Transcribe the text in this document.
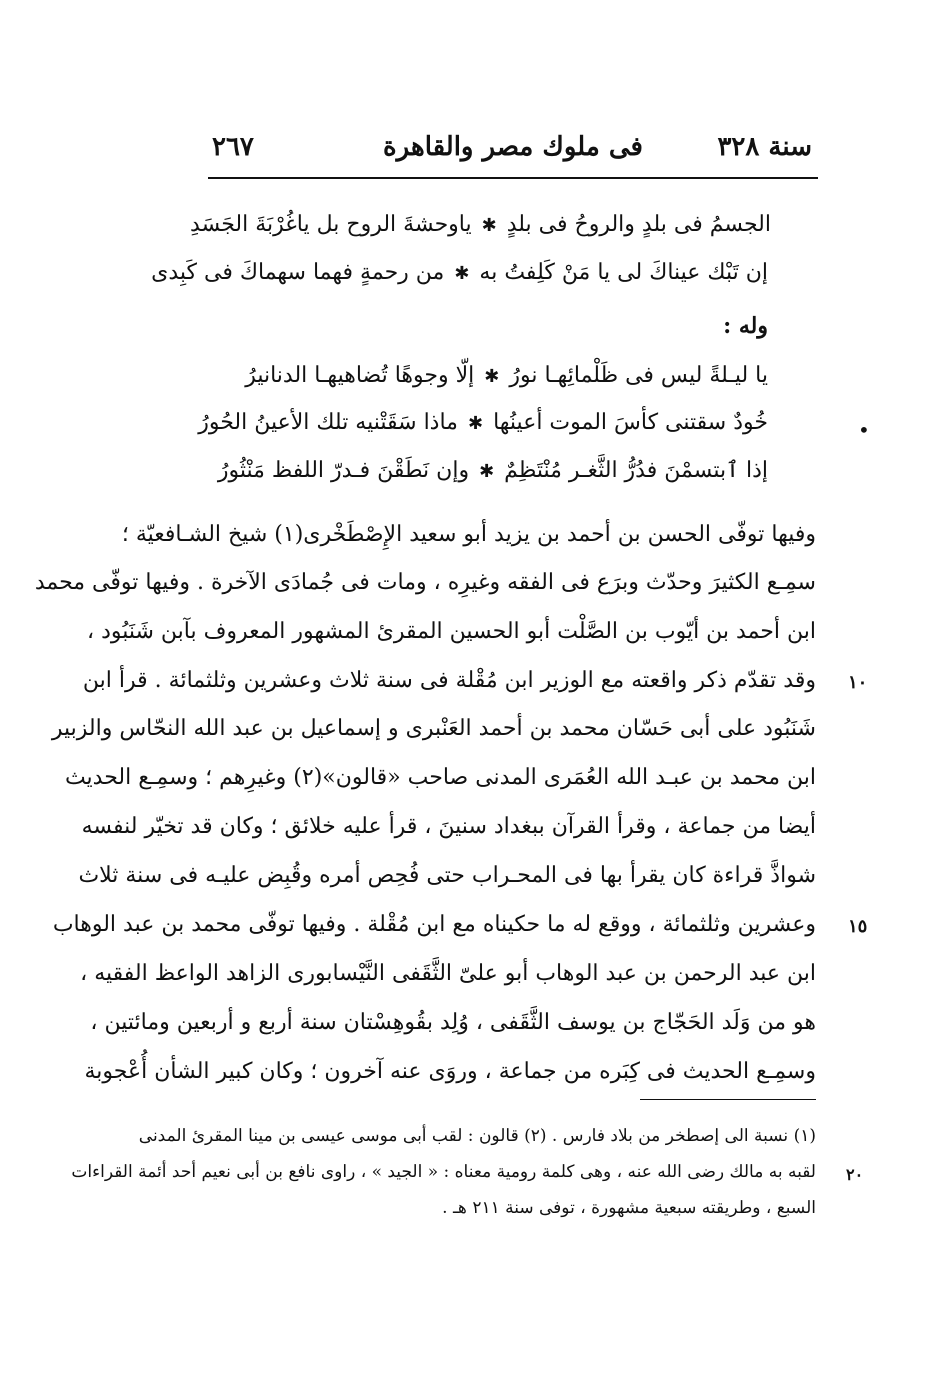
سنة ٣٢٨
فى ملوك مصر والقاهرة
٢٦٧
الجسمُ فى بلدٍ والروحُ فى بلدٍ
✱
ياوحشةَ الروح بل ياغُرْبَةَ الجَسَدِ
إن تَبْك عيناكَ لى يا مَنْ كَلِفتُ به
✱
من رحمةٍ فهما سهماكَ فى كَبِدى
وله :
يا ليـلةً ليس فى ظَلْمائِهـا نورُ
✱
إلّا وجوهًا تُضاهيهـا الدنانيرُ
خُودٌ سقتنى كأسَ الموت أعينُها
✱
ماذا سَقَتْنيه تلك الأعينُ الحُورُ	•
إذا ٱبتسمْنَ فدُرُّ الثَّغـر مُنْتَظِمٌ
✱
وإن نَطَقْنَ فـدرّ اللفظ مَنْثُورُ
وفيها توفّى الحسن بن أحمد بن يزيد أبو سعيد الإِصْطَخْرى(١) شيخ الشـافعيّة ؛
سمِـع الكثيرَ وحدّث وبرَع فى الفقه وغيرِه ، ومات فى جُمادَى الآخرة . وفيها توفّى محمد
ابن أحمد بن أيّوب بن الصَّلْت أبو الحسين المقرئ المشهور المعروف بآبن شَنَبُود ،
وقد تقدّم ذكر واقعته مع الوزير ابن مُقْلة فى سنة ثلاث وعشرين وثلثمائة . قرأ ابن ١٠
شَنَبُود على أبى حَسّان محمد بن أحمد العَنْبرى و إسماعيل بن عبد الله النحّاس والزبير
ابن محمد بن عبـد الله العُمَرى المدنى صاحب «قالون»(٢) وغيرِهم ؛ وسمِـع الحديث
أيضا من جماعة ، وقرأ القرآن ببغداد سنينَ ، قرأ عليه خلائق ؛ وكان قد تخيّر لنفسه
شواذَّ قراءة كان يقرأ بها فى المحـراب حتى فُحِص أمره وقُبِض عليـه فى سنة ثلاث
وعشرين وثلثمائة ، ووقع له ما حكيناه مع ابن مُقْلة . وفيها توفّى محمد بن عبد الوهاب ١٥
ابن عبد الرحمن بن عبد الوهاب أبو علىّ الثَّقَفى النَّيْسابورى الزاهد الواعظ الفقيه ،
هو من وَلَد الحَجّاج بن يوسف الثَّقَفى ، وُلِد بقُوهِسْتان سنة أربع و أربعين ومائتين ،
وسمِـع الحديث فى كِبَره من جماعة ، وروَى عنه آخرون ؛ وكان كبير الشأن أُعْجوبة
(١) نسبة الى إصطخر من بلاد فارس . (٢) قالون : لقب أبى موسى عيسى بن مينا المقرئ المدنى
لقبه به مالك رضى الله عنه ، وهى كلمة رومية معناه : « الجيد » ، راوى نافع بن أبى نعيم أحد أئمة القراءات ٢٠
السبع ، وطريقته سبعية مشهورة ، توفى سنة ٢١١ هـ .
